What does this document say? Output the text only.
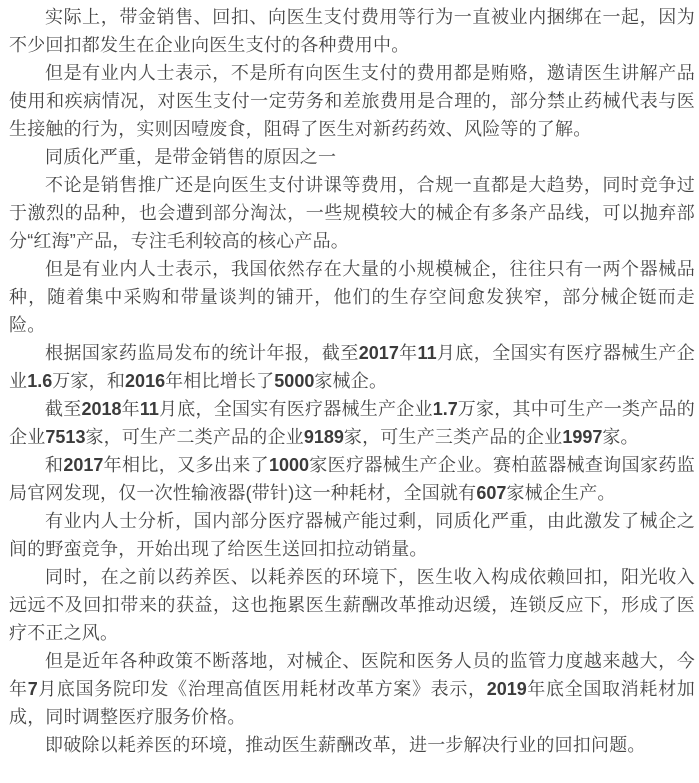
实际上，带金销售、回扣、向医生支付费用等行为一直被业内捆绑在一起，因为不少回扣都发生在企业向医生支付的各种费用中。

但是有业内人士表示，不是所有向医生支付的费用都是贿赂，邀请医生讲解产品使用和疾病情况，对医生支付一定劳务和差旅费用是合理的，部分禁止药械代表与医生接触的行为，实则因噎废食，阻碍了医生对新药药效、风险等的了解。

同质化严重，是带金销售的原因之一

不论是销售推广还是向医生支付讲课等费用，合规一直都是大趋势，同时竞争过于激烈的品种，也会遭到部分淘汰，一些规模较大的械企有多条产品线，可以抛弃部分“红海”产品，专注毛利较高的核心产品。

但是有业内人士表示，我国依然存在大量的小规模械企，往往只有一两个器械品种，随着集中采购和带量谈判的铺开，他们的生存空间愈发狭窄，部分械企铤而走险。

根据国家药监局发布的统计年报，截至2017年11月底，全国实有医疗器械生产企业1.6万家，和2016年相比增长了5000家械企。

截至2018年11月底，全国实有医疗器械生产企业1.7万家，其中可生产一类产品的企业7513家，可生产二类产品的企业9189家，可生产三类产品的企业1997家。

和2017年相比，又多出来了1000家医疗器械生产企业。赛柏蓝器械查询国家药监局官网发现，仅一次性输液器(带针)这一种耗材，全国就有607家械企生产。

有业内人士分析，国内部分医疗器械产能过剩，同质化严重，由此激发了械企之间的野蛮竞争，开始出现了给医生送回扣拉动销量。

同时，在之前以药养医、以耗养医的环境下，医生收入构成依赖回扣，阳光收入远远不及回扣带来的获益，这也拖累医生薪酬改革推动迟缓，连锁反应下，形成了医疗不正之风。

但是近年各种政策不断落地，对械企、医院和医务人员的监管力度越来越大，今年7月底国务院印发《治理高值医用耗材改革方案》表示，2019年底全国取消耗材加成，同时调整医疗服务价格。

即破除以耗养医的环境，推动医生薪酬改革，进一步解决行业的回扣问题。
